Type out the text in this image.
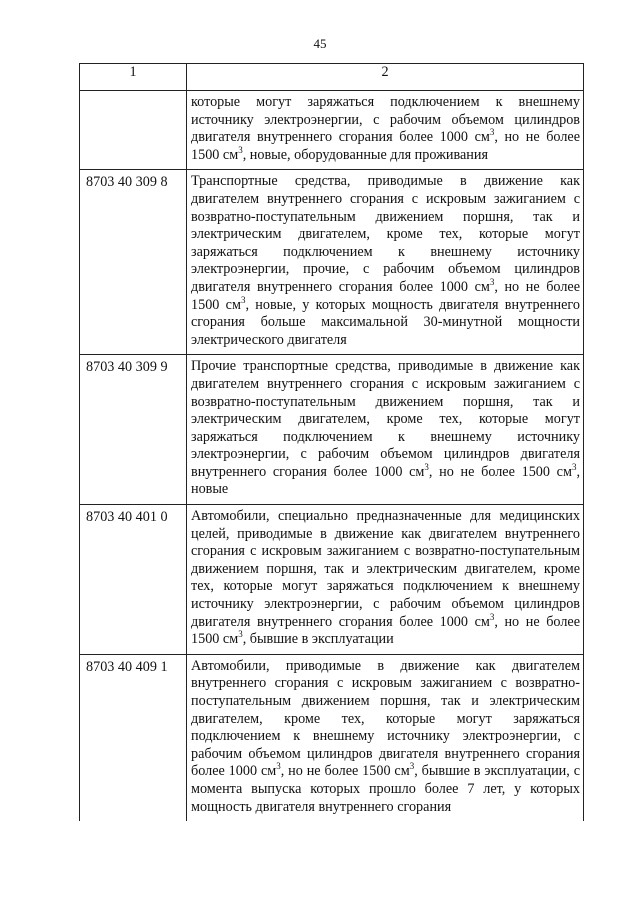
45
1	2
	которые могут заряжаться подключением к внешнему источнику электроэнергии, с рабочим объемом цилиндров двигателя внутреннего сгорания более 1000 $см^3$, но не более 1500 $см^3$, новые, оборудованные для проживания
8703 40 309 8	Транспортные средства, приводимые в движение как двигателем внутреннего сгорания с искровым зажиганием с возвратно-поступательным движением поршня, так и электрическим двигателем, кроме тех, которые могут заряжаться подключением к внешнему источнику электроэнергии, прочие, с рабочим объемом цилиндров двигателя внутреннего сгорания более 1000 $см^3$, но не более 1500 $см^3$, новые, у которых мощность двигателя внутреннего сгорания больше максимальной 30-минутной мощности электрического двигателя
8703 40 309 9	Прочие транспортные средства, приводимые в движение как двигателем внутреннего сгорания с искровым зажиганием с возвратно-поступательным движением поршня, так и электрическим двигателем, кроме тех, которые могут заряжаться подключением к внешнему источнику электроэнергии, с рабочим объемом цилиндров двигателя внутреннего сгорания более 1000 $см^3$, но не более 1500 $см^3$, новые
8703 40 401 0	Автомобили, специально предназначенные для медицинских целей, приводимые в движение как двигателем внутреннего сгорания с искровым зажиганием с возвратно-поступательным движением поршня, так и электрическим двигателем, кроме тех, которые могут заряжаться подключением к внешнему источнику электроэнергии, с рабочим объемом цилиндров двигателя внутреннего сгорания более 1000 $см^3$, но не более 1500 $см^3$, бывшие в эксплуатации
8703 40 409 1	Автомобили, приводимые в движение как двигателем внутреннего сгорания с искровым зажиганием с возвратно-поступательным движением поршня, так и электрическим двигателем, кроме тех, которые могут заряжаться подключением к внешнему источнику электроэнергии, с рабочим объемом цилиндров двигателя внутреннего сгорания более 1000 $см^3$, но не более 1500 $см^3$, бывшие в эксплуатации, с момента выпуска которых прошло более 7 лет, у которых мощность двигателя внутреннего сгорания
